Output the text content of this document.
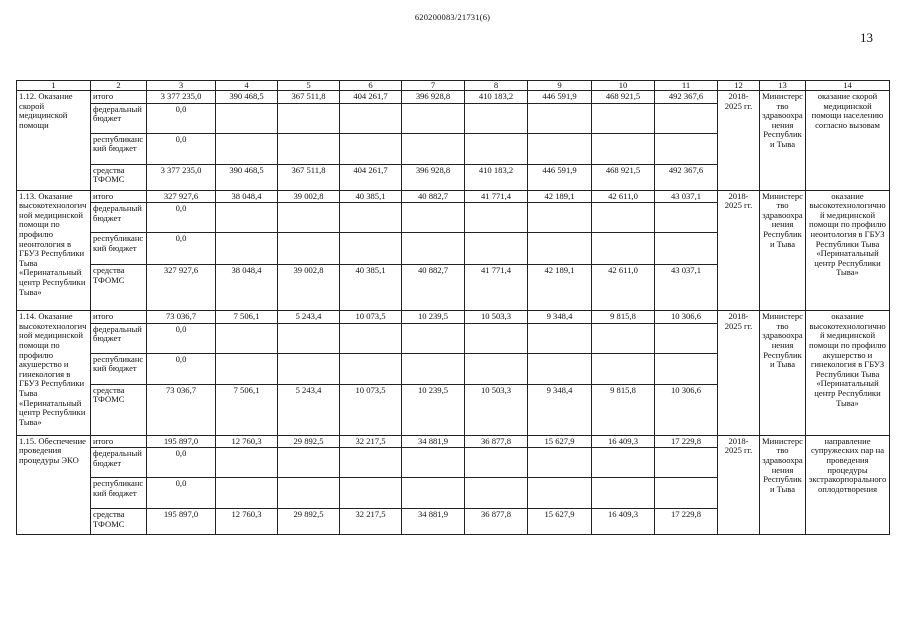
620200083/21731(6)
13
1	2	3	4	5	6	7	8	9	10	11	12	13	14
1.12. Оказание скорой медицинской помощи	итого	3 377 235,0	390 468,5	367 511,8	404 261,7	396 928,8	410 183,2	446 591,9	468 921,5	492 367,6	2018-2025 гг.	Министерство здравоохранения Республики Тыва	оказание скорой медицинской помощи населению согласно вызовам
	федеральный бюджет	0,0											
	республиканский бюджет	0,0											
	средства ТФОМС	3 377 235,0	390 468,5	367 511,8	404 261,7	396 928,8	410 183,2	446 591,9	468 921,5	492 367,6			
1.13. Оказание высокотехнологичной медицинской помощи по профилю неонтология в ГБУЗ Республики Тыва «Перинатальный центр Республики Тыва»	итого	327 927,6	38 048,4	39 002,8	40 385,1	40 882,7	41 771,4	42 189,1	42 611,0	43 037,1	2018-2025 гг.	Министерство здравоохранения Республики Тыва	оказание высокотехнологичной медицинской помощи по профилю неонтология в ГБУЗ Республики Тыва «Перинатальный центр Республики Тыва»
	федеральный бюджет	0,0											
	республиканский бюджет	0,0											
	средства ТФОМС	327 927,6	38 048,4	39 002,8	40 385,1	40 882,7	41 771,4	42 189,1	42 611,0	43 037,1			
1.14. Оказание высокотехнологичной медицинской помощи по профилю акушерство и гинекология в ГБУЗ Республики Тыва «Перинатальный центр Республики Тыва»	итого	73 036,7	7 506,1	5 243,4	10 073,5	10 239,5	10 503,3	9 348,4	9 815,8	10 306,6	2018-2025 гг.	Министерство здравоохранения Республики Тыва	оказание высокотехнологичной медицинской помощи по профилю акушерство и гинекология в ГБУЗ Республики Тыва «Перинатальный центр Республики Тыва»
	федеральный бюджет	0,0											
	республиканский бюджет	0,0											
	средства ТФОМС	73 036,7	7 506,1	5 243,4	10 073,5	10 239,5	10 503,3	9 348,4	9 815,8	10 306,6			
1.15. Обеспечение проведения процедуры ЭКО	итого	195 897,0	12 760,3	29 892,5	32 217,5	34 881,9	36 877,8	15 627,9	16 409,3	17 229,8	2018-2025 гг.	Министерство здравоохранения Республики Тыва	направление супружеских пар на проведения процедуры экстракорпорального оплодотворения
	федеральный бюджет	0,0											
	республиканский бюджет	0,0											
	средства ТФОМС	195 897,0	12 760,3	29 892,5	32 217,5	34 881,9	36 877,8	15 627,9	16 409,3	17 229,8			
